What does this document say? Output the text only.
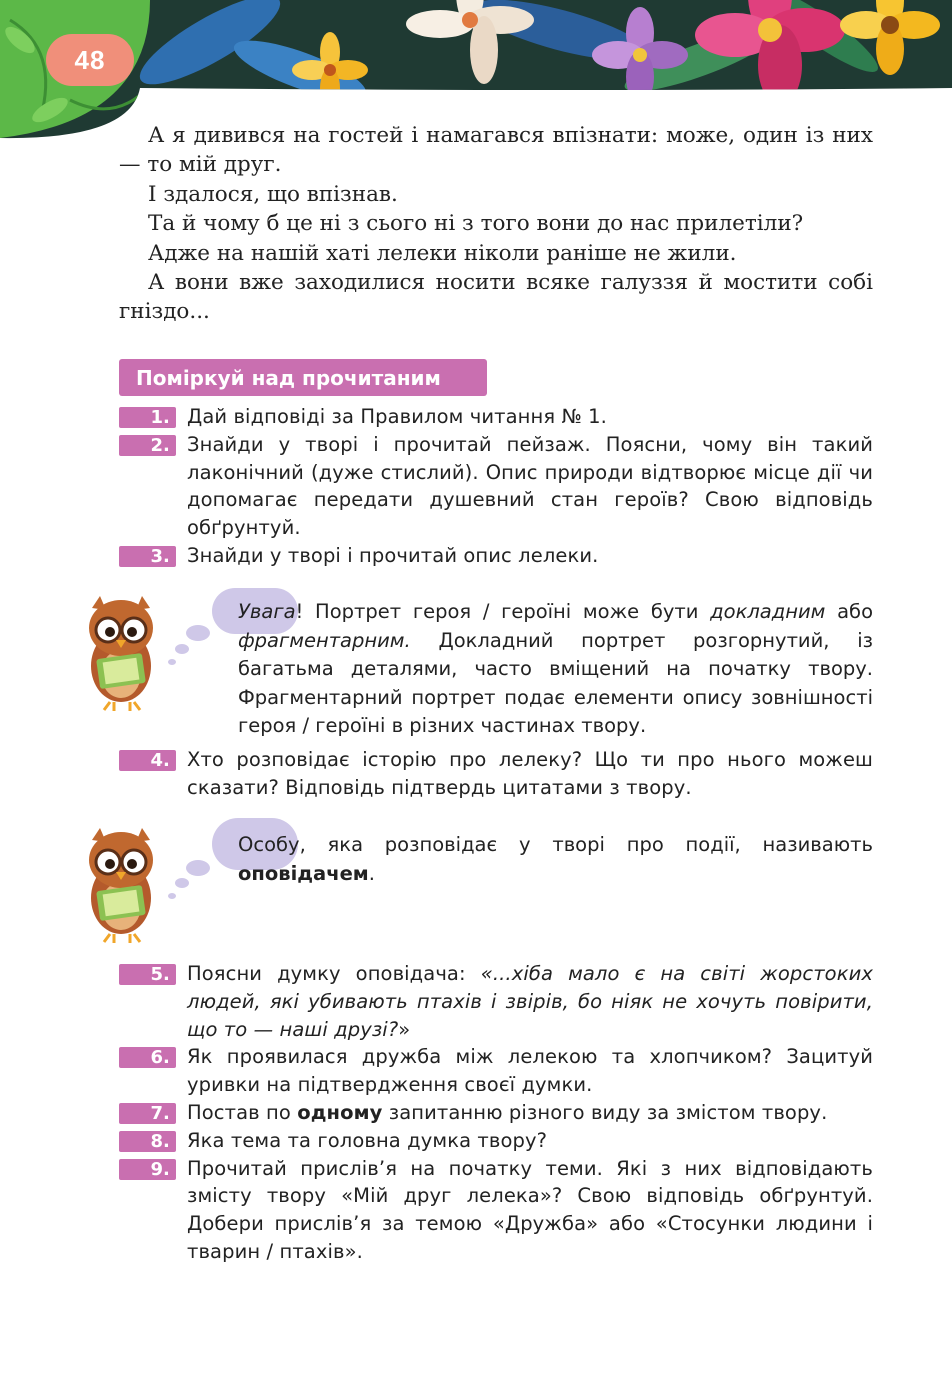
48

А я дивився на гостей і намагався впізнати: може, один із них — то мій друг.

І здалося, що впізнав.

Та й чому б це ні з сього ні з того вони до нас прилетіли?

Адже на нашій хаті лелеки ніколи раніше не жили.

А вони вже заходилися носити всяке галуззя й мостити собі гніздо...

Поміркуй над прочитаним
1. Дай відповіді за Правилом читання № 1.
2. Знайди у творі і прочитай пейзаж. Поясни, чому він такий лаконічний (дуже стислий). Опис природи відтворює місце дії чи допомагає передати душевний стан героїв? Свою відповідь обґрунтуй.
3. Знайди у творі і прочитай опис лелеки.
Увага! Портрет героя / героїні може бути докладним або фрагментарним. Докладний портрет розгорнутий, із багатьма деталями, часто вміщений на початку твору. Фрагментарний портрет подає елементи опису зовнішності героя / героїні в різних частинах твору.
4. Хто розповідає історію про лелеку? Що ти про нього можеш сказати? Відповідь підтвердь цитатами з твору.
Особу, яка розповідає у творі про події, називають оповідачем.
5. Поясни думку оповідача: «...хіба мало є на світі жорстоких людей, які убивають птахів і звірів, бо ніяк не хочуть повірити, що то — наші друзі?»
6. Як проявилася дружба між лелекою та хлопчиком? Зацитуй уривки на підтвердження своєї думки.
7. Постав по одному запитанню різного виду за змістом твору.
8. Яка тема та головна думка твору?
9. Прочитай прислів’я на початку теми. Які з них відповідають змісту твору «Мій друг лелека»? Свою відповідь обґрунтуй. Добери прислів’я за темою «Дружба» або «Стосунки людини і тварин / птахів».
